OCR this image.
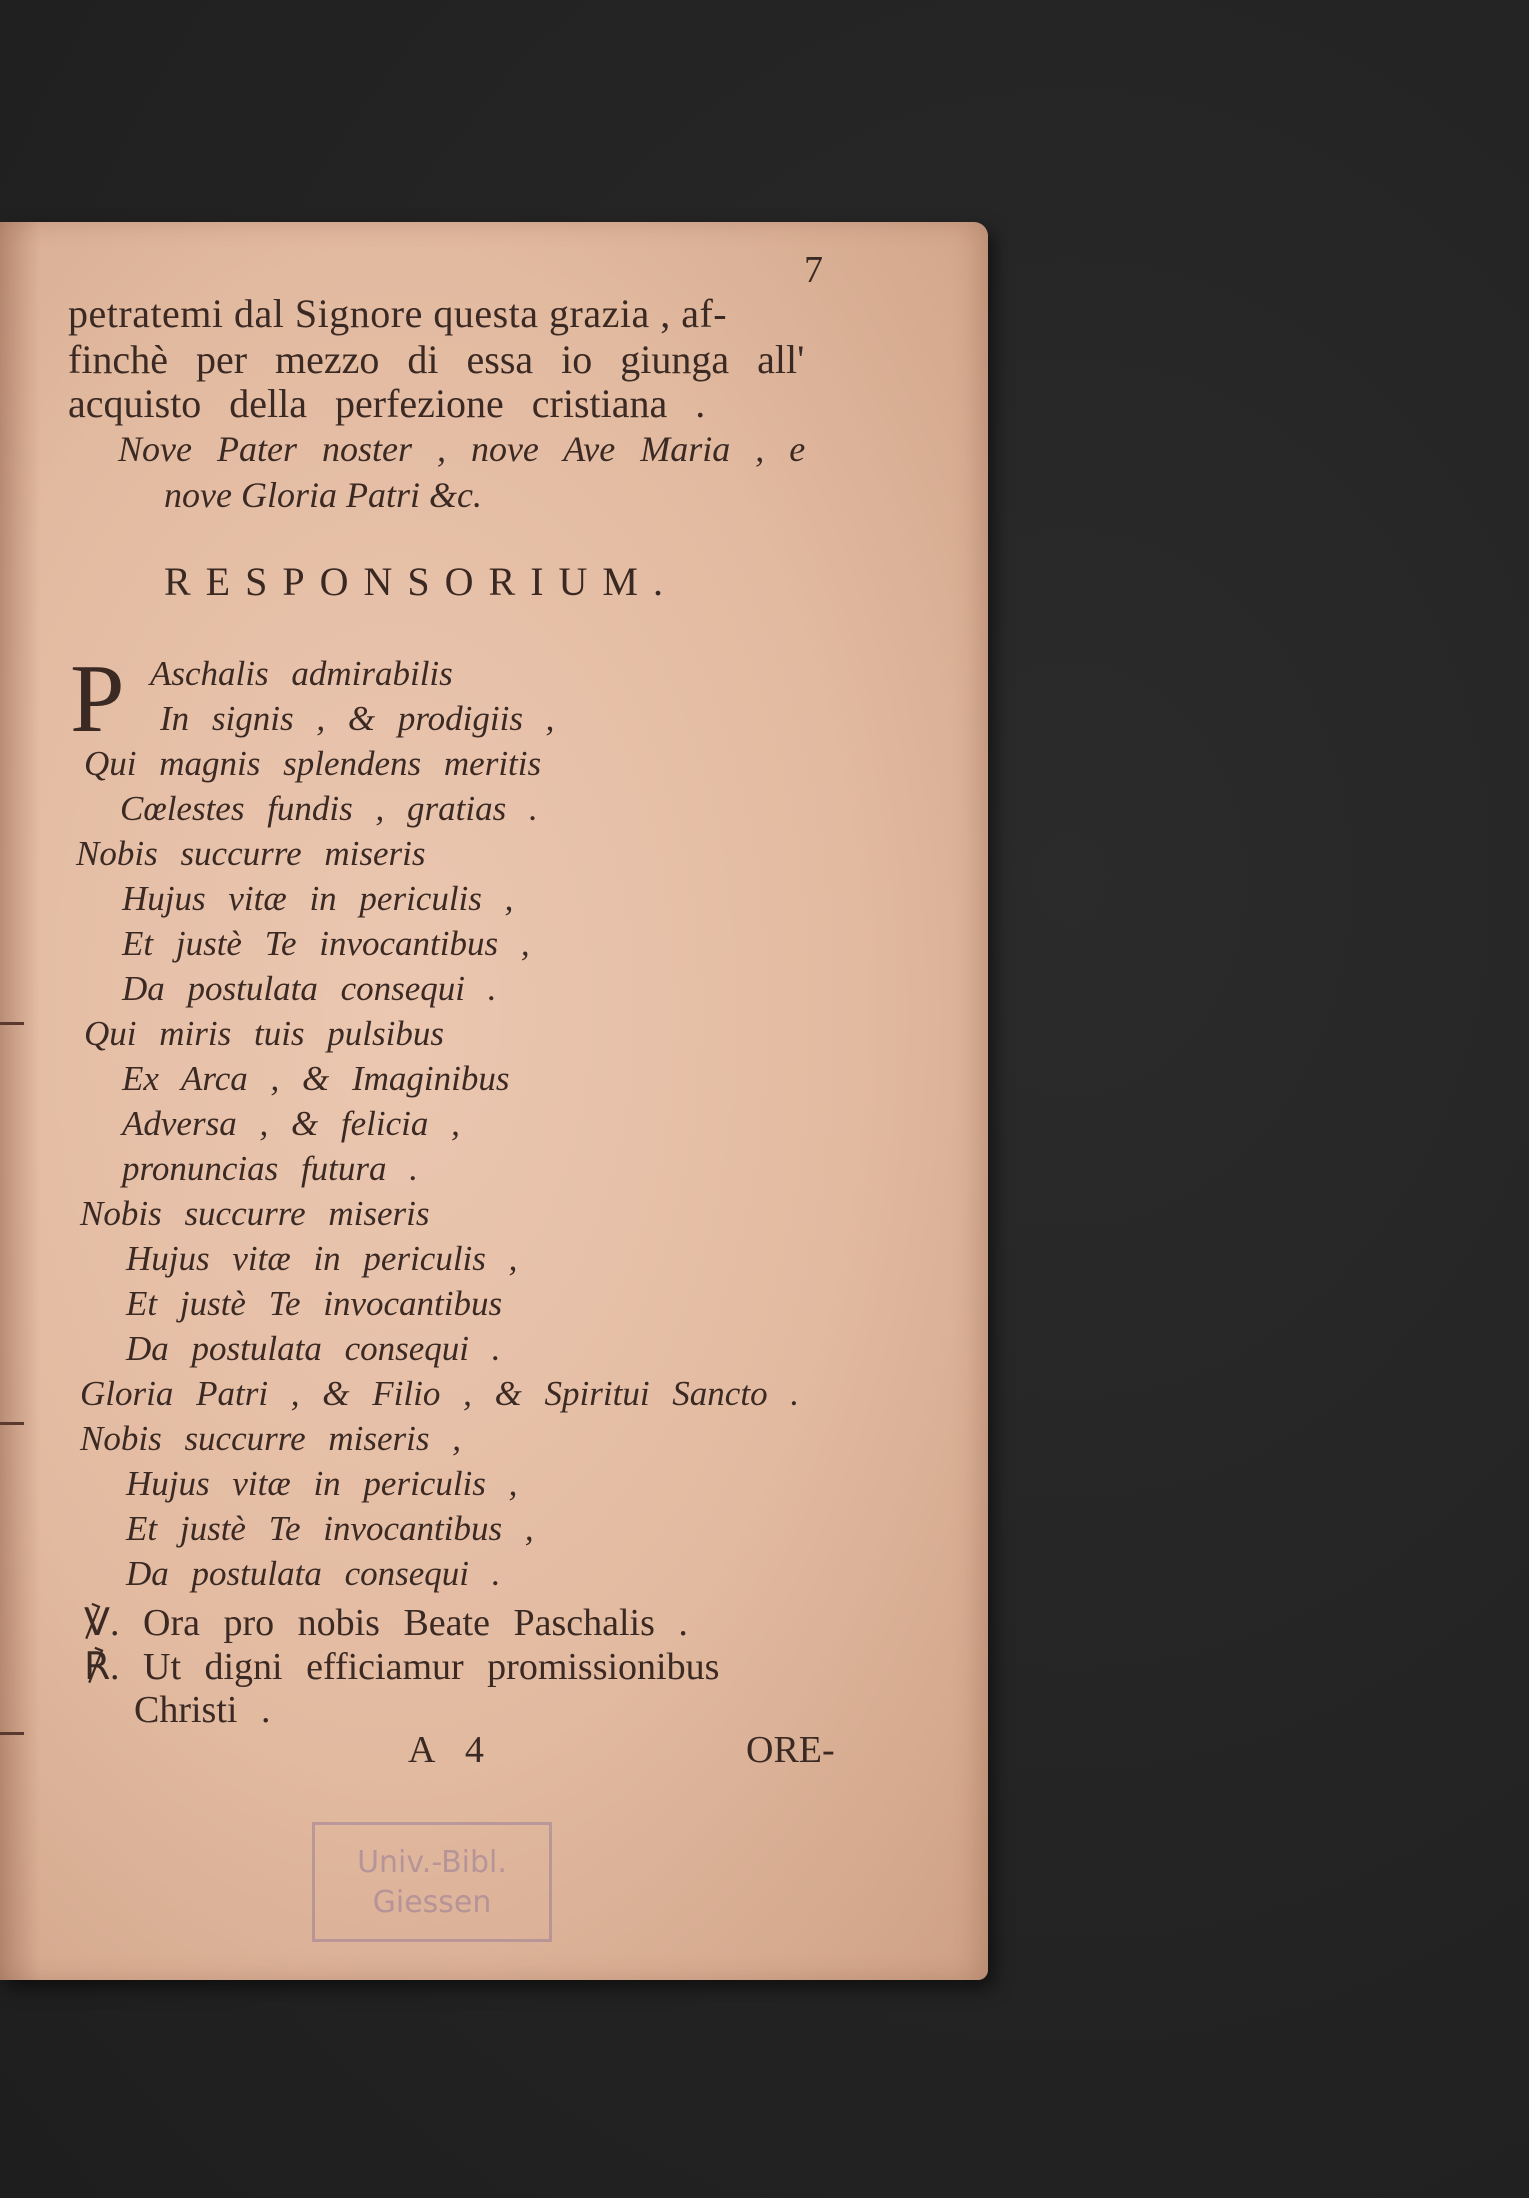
7
petratemi dal Signore questa grazia , af-
finchè per mezzo di essa io giunga all'
acquisto della perfezione cristiana .
Nove Pater noster , nove Ave Maria , e
nove Gloria Patri &c.
RESPONSORIUM.
P Aschalis admirabilis
In signis , & prodigiis ,
Qui magnis splendens meritis
Cœlestes fundis , gratias .
Nobis succurre miseris
Hujus vitæ in periculis ,
Et justè Te invocantibus ,
Da postulata consequi .
Qui miris tuis pulsibus
Ex Arca , & Imaginibus
Adversa , & felicia ,
pronuncias futura .
Nobis succurre miseris
Hujus vitæ in periculis ,
Et justè Te invocantibus
Da postulata consequi .
Gloria Patri , & Filio , & Spiritui Sancto .
Nobis succurre miseris ,
Hujus vitæ in periculis ,
Et justè Te invocantibus ,
Da postulata consequi .
℣. Ora pro nobis Beate Paschalis .
℟. Ut digni efficiamur promissionibus
Christi .
A 4	ORE-
Univ.-Bibl.
Giessen
